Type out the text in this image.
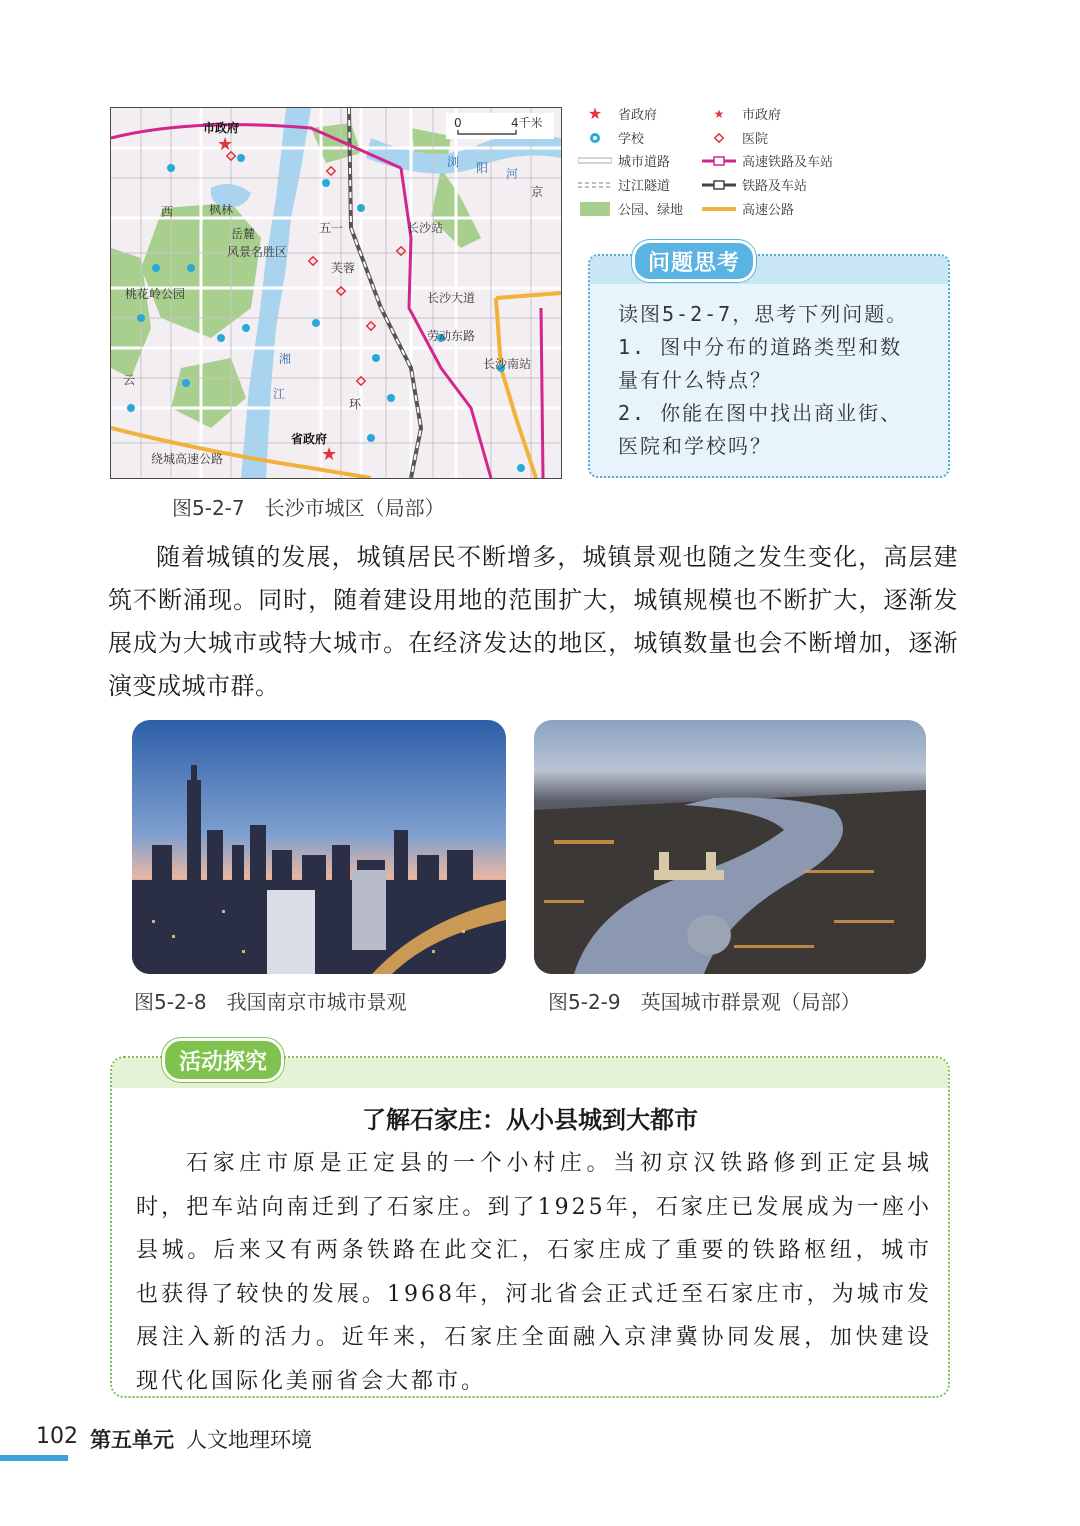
0	4千米
★
★
市政府
省政府
长沙站
长沙南站
长沙大道
劳动东路
五一
枫林
云
湘
江
浏 阳 河
芙蓉
环
绕城高速公路
京
西
岳麓
风景名胜区
桃花岭公园
★	省政府	★	市政府
学校	医院
城市道路	高速铁路及车站
过江隧道	铁路及车站
公园、绿地	高速公路
问题思考
读图5-2-7，思考下列问题。
1. 图中分布的道路类型和数
量有什么特点？
2. 你能在图中找出商业街、
医院和学校吗？
图5-2-7　长沙市城区（局部）
随着城镇的发展，城镇居民不断增多，城镇景观也随之发生变化，高层建筑不断涌现。同时，随着建设用地的范围扩大，城镇规模也不断扩大，逐渐发展成为大城市或特大城市。在经济发达的地区，城镇数量也会不断增加，逐渐演变成城市群。
图5-2-8　我国南京市城市景观	图5-2-9　英国城市群景观（局部）
活动探究
了解石家庄：从小县城到大都市
石家庄市原是正定县的一个小村庄。当初京汉铁路修到正定县城时，把车站向南迁到了石家庄。到了1925年，石家庄已发展成为一座小县城。后来又有两条铁路在此交汇，石家庄成了重要的铁路枢纽，城市也获得了较快的发展。1968年，河北省会正式迁至石家庄市，为城市发展注入新的活力。近年来，石家庄全面融入京津冀协同发展，加快建设现代化国际化美丽省会大都市。
102 第五单元 人文地理环境
